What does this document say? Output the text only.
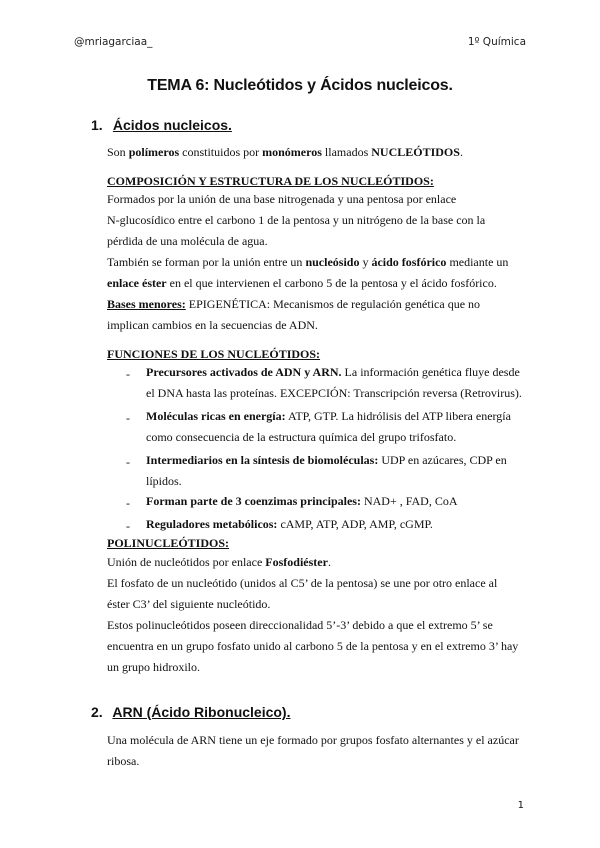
@mriagarciaa_	1º Química
TEMA 6: Nucleótidos y Ácidos nucleicos.
1. Ácidos nucleicos.
Son polímeros constituidos por monómeros llamados NUCLEÓTIDOS.
COMPOSICIÓN Y ESTRUCTURA DE LOS NUCLEÓTIDOS:
Formados por la unión de una base nitrogenada y una pentosa por enlace
N-glucosídico entre el carbono 1 de la pentosa y un nitrógeno de la base con la
pérdida de una molécula de agua.
También se forman por la unión entre un nucleósido y ácido fosfórico mediante un
enlace éster en el que intervienen el carbono 5 de la pentosa y el ácido fosfórico.
Bases menores: EPIGENÉTICA: Mecanismos de regulación genética que no
implican cambios en la secuencias de ADN.
FUNCIONES DE LOS NUCLEÓTIDOS:
- Precursores activados de ADN y ARN. La información genética fluye desde
el DNA hasta las proteínas. EXCEPCIÓN: Transcripción reversa (Retrovirus).
- Moléculas ricas en energía: ATP, GTP. La hidrólisis del ATP libera energía
como consecuencia de la estructura química del grupo trifosfato.
- Intermediarios en la síntesis de biomoléculas: UDP en azúcares, CDP en
lípidos.
- Forman parte de 3 coenzimas principales: NAD+ , FAD, CoA
- Reguladores metabólicos: cAMP, ATP, ADP, AMP, cGMP.
POLINUCLEÓTIDOS:
Unión de nucleótidos por enlace Fosfodiéster.
El fosfato de un nucleótido (unidos al C5’ de la pentosa) se une por otro enlace al
éster C3’ del siguiente nucleótido.
Estos polinucleótidos poseen direccionalidad 5’-3’ debido a que el extremo 5’ se
encuentra en un grupo fosfato unido al carbono 5 de la pentosa y en el extremo 3’ hay
un grupo hidroxilo.
2. ARN (Ácido Ribonucleico).
Una molécula de ARN tiene un eje formado por grupos fosfato alternantes y el azúcar
ribosa.
1
